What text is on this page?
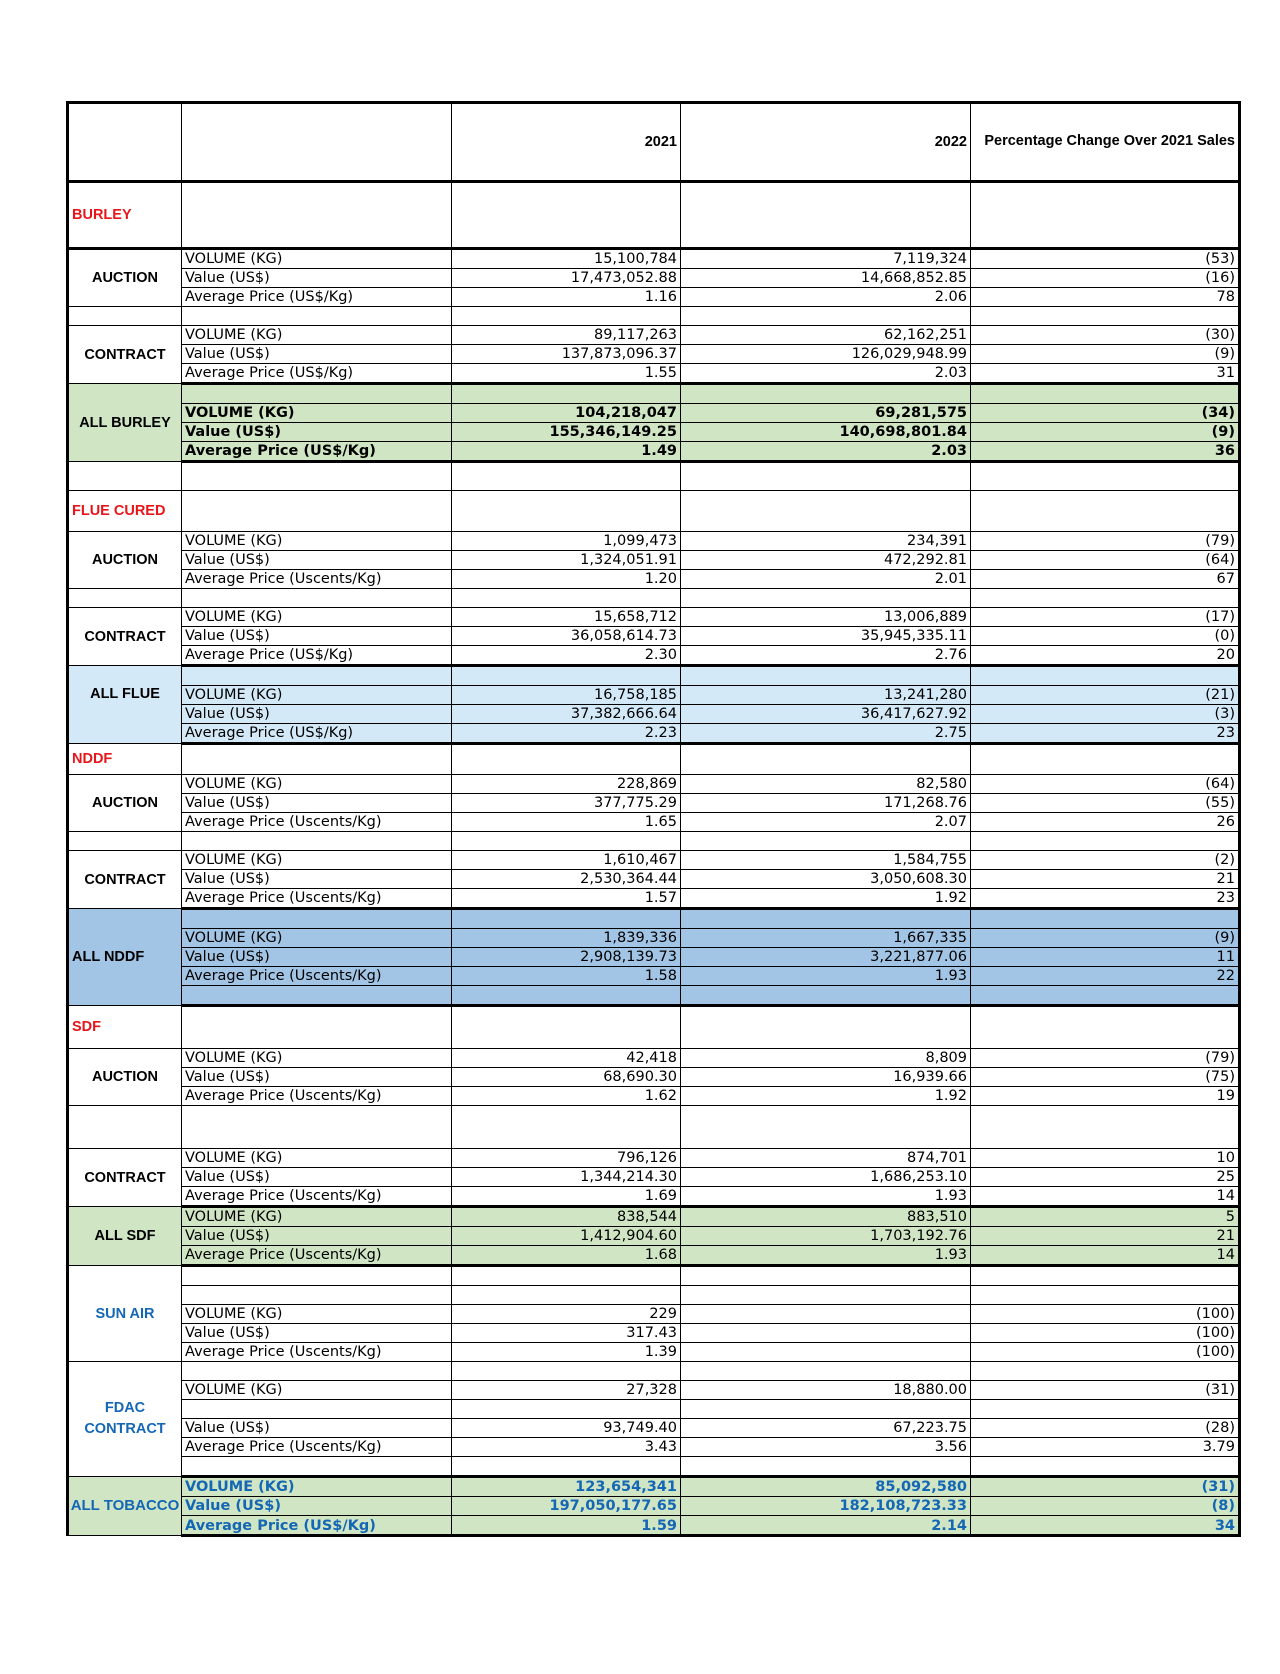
		2021	2022	Percentage Change Over 2021 Sales
BURLEY				
AUCTION	VOLUME (KG)	15,100,784	7,119,324	(53)
	Value (US$)	17,473,052.88	14,668,852.85	(16)
	Average Price (US$/Kg)	1.16	2.06	78

CONTRACT	VOLUME (KG)	89,117,263	62,162,251	(30)
	Value (US$)	137,873,096.37	126,029,948.99	(9)
	Average Price (US$/Kg)	1.55	2.03	31
ALL BURLEY				
	VOLUME (KG)	104,218,047	69,281,575	(34)
	Value (US$)	155,346,149.25	140,698,801.84	(9)
	Average Price (US$/Kg)	1.49	2.03	36

FLUE CURED				
AUCTION	VOLUME (KG)	1,099,473	234,391	(79)
	Value (US$)	1,324,051.91	472,292.81	(64)
	Average Price (Uscents/Kg)	1.20	2.01	67

CONTRACT	VOLUME (KG)	15,658,712	13,006,889	(17)
	Value (US$)	36,058,614.73	35,945,335.11	(0)
	Average Price (US$/Kg)	2.30	2.76	20
ALL FLUE				
	VOLUME (KG)	16,758,185	13,241,280	(21)
	Value (US$)	37,382,666.64	36,417,627.92	(3)
	Average Price (US$/Kg)	2.23	2.75	23
NDDF				
AUCTION	VOLUME (KG)	228,869	82,580	(64)
	Value (US$)	377,775.29	171,268.76	(55)
	Average Price (Uscents/Kg)	1.65	2.07	26

CONTRACT	VOLUME (KG)	1,610,467	1,584,755	(2)
	Value (US$)	2,530,364.44	3,050,608.30	21
	Average Price (Uscents/Kg)	1.57	1.92	23
ALL NDDF				
	VOLUME (KG)	1,839,336	1,667,335	(9)
	Value (US$)	2,908,139.73	3,221,877.06	11
	Average Price (Uscents/Kg)	1.58	1.93	22

SDF				
AUCTION	VOLUME (KG)	42,418	8,809	(79)
	Value (US$)	68,690.30	16,939.66	(75)
	Average Price (Uscents/Kg)	1.62	1.92	19

CONTRACT	VOLUME (KG)	796,126	874,701	10
	Value (US$)	1,344,214.30	1,686,253.10	25
	Average Price (Uscents/Kg)	1.69	1.93	14
ALL SDF	VOLUME (KG)	838,544	883,510	5
	Value (US$)	1,412,904.60	1,703,192.76	21
	Average Price (Uscents/Kg)	1.68	1.93	14
SUN AIR				

	VOLUME (KG)	229		(100)
	Value (US$)	317.43		(100)
	Average Price (Uscents/Kg)	1.39		(100)
FDAC
CONTRACT				
	VOLUME (KG)	27,328	18,880.00	(31)

	Value (US$)	93,749.40	67,223.75	(28)
	Average Price (Uscents/Kg)	3.43	3.56	3.79

ALL TOBACCO	VOLUME (KG)	123,654,341	85,092,580	(31)
	Value (US$)	197,050,177.65	182,108,723.33	(8)
	Average Price (US$/Kg)	1.59	2.14	34
